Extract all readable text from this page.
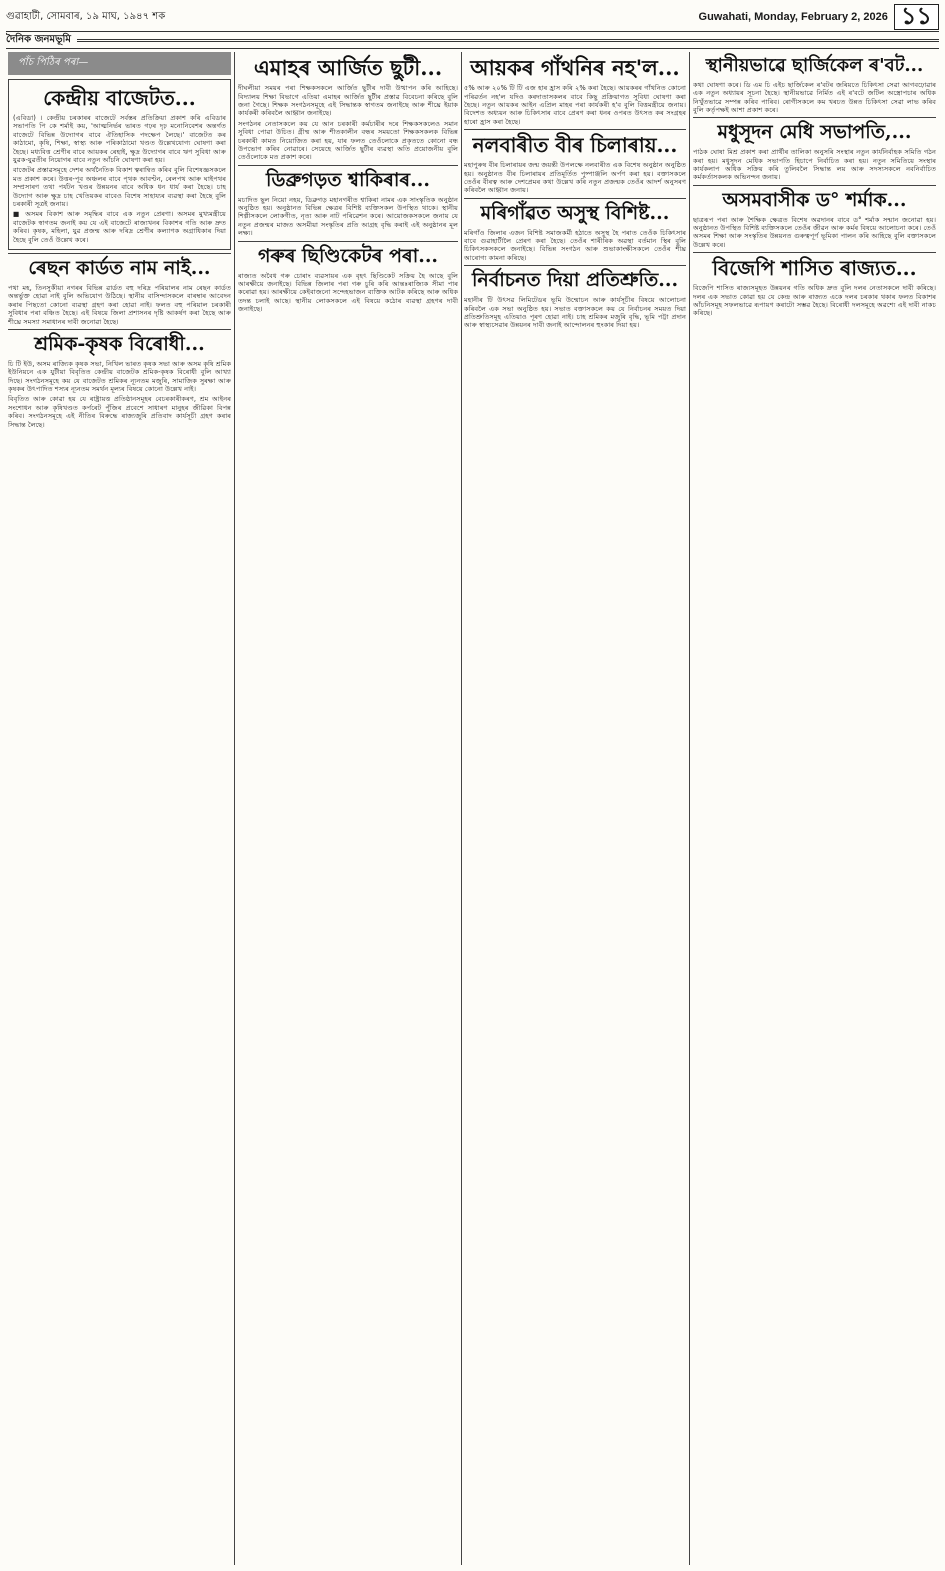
গুৱাহাটী, সোমবাৰ, ১৯ মাঘ, ১৯৪৭ শক	Guwahati, Monday, February 2, 2026 ১১
দৈনিক জনমভূমি
পাঁচ পিঠিৰ পৰা—
কেন্দ্ৰীয় বাজেটত...

(এবিডা) । কেন্দ্ৰীয় চৰকাৰৰ বাজেটে সৰ্বস্তৰ প্ৰতিক্ৰিয়া প্ৰকাশ কৰি এবিডাৰ সভাপতি পি কে শৰ্মাই কয়, 'আত্মনিৰ্ভৰ ভাৰত গঢ়ৰ দৃঢ় মনোনিবেশৰ অন্তৰ্গত বাজেটে বিভিন্ন উদ্যোগৰ বাবে ঐতিহাসিক পদক্ষেপ লৈছে।' বাজেটত কৰ কাঠামো, কৃষি, শিক্ষা, স্বাস্থ্য আৰু পৰিকাঠামো খণ্ডত উল্লেখযোগ্য ঘোষণা কৰা হৈছে। মধ্যবিত্ত শ্ৰেণীৰ বাবে আয়কৰ ৰেহাই, ক্ষুদ্ৰ উদ্যোগৰ বাবে ঋণ সুবিধা আৰু যুৱক-যুৱতীৰ নিয়োগৰ বাবে নতুন আঁচনি ঘোষণা কৰা হয়।

বাজেটৰ প্ৰস্তাৱসমূহে দেশৰ অৰ্থনৈতিক বিকাশ ত্বৰান্বিত কৰিব বুলি বিশেষজ্ঞসকলে মত প্ৰকাশ কৰে। উত্তৰ-পূব অঞ্চলৰ বাবে পৃথক আবণ্টন, ৰেলপথ আৰু ঘাইপথৰ সম্প্ৰসাৰণ তথা পৰ্যটন খণ্ডৰ উন্নয়নৰ বাবে অধিক ধন ধাৰ্য কৰা হৈছে। চাহ উদ্যোগ আৰু ক্ষুদ্ৰ চাহ খেতিয়কৰ বাবেও বিশেষ সাহায্যৰ ব্যৱস্থা কৰা হৈছে বুলি চৰকাৰী সূত্ৰই জনায়।

■ অসমৰ বিকাশ আৰু সমৃদ্ধিৰ বাবে এক নতুন প্ৰেৰণা। অসমৰ মুখ্যমন্ত্ৰীয়ে বাজেটক স্বাগতম জনাই কয় যে এই বাজেটে ৰাজ্যখনৰ বিকাশৰ গতি আৰু দ্ৰুত কৰিব। কৃষক, মহিলা, যুৱ প্ৰজন্ম আৰু দৰিদ্ৰ শ্ৰেণীৰ কল্যাণক অগ্ৰাধিকাৰ দিয়া হৈছে বুলি তেওঁ উল্লেখ কৰে।

ৰেছন কাৰ্ডত নাম নাই...

পথা মহ, তিনসুকীয়া নগৰৰ বিভিন্ন ৱাৰ্ডত বহু দৰিদ্ৰ পৰিয়ালৰ নাম ৰেছন কাৰ্ডত অন্তৰ্ভুক্ত হোৱা নাই বুলি অভিযোগ উঠিছে। স্থানীয় বাসিন্দাসকলে বাৰম্বাৰ আবেদন কৰাৰ পিছতো কোনো ব্যৱস্থা গ্ৰহণ কৰা হোৱা নাই। ফলত বহু পৰিয়াল চৰকাৰী সুবিধাৰ পৰা বঞ্চিত হৈছে। এই বিষয়ে জিলা প্ৰশাসনৰ দৃষ্টি আকৰ্ষণ কৰা হৈছে আৰু শীঘ্ৰে সমস্যা সমাধানৰ দাবী জনোৱা হৈছে।

শ্ৰমিক-কৃষক বিৰোধী...

চি টি ইউ, অসম ৰাজ্যিক কৃষক সভা, নিখিল ভাৰত কৃষক সভা আৰু অসম কৃষি শ্ৰমিক ইউনিয়নে এক যুটীয়া বিবৃতিত কেন্দ্ৰীয় বাজেটক শ্ৰমিক-কৃষক বিৰোধী বুলি আখ্যা দিছে। সংগঠনসমূহে কয় যে বাজেটত শ্ৰমিকৰ ন্যূনতম মজুৰি, সামাজিক সুৰক্ষা আৰু কৃষকৰ উৎপাদিত শস্যৰ ন্যূনতম সমৰ্থন মূল্যৰ বিষয়ে কোনো উল্লেখ নাই।

বিবৃতিত আৰু কোৱা হয় যে ৰাষ্ট্ৰায়ত্ত প্ৰতিষ্ঠানসমূহৰ বেচৰকাৰীকৰণ, শ্ৰম আইনৰ সংশোধন আৰু কৃষিখণ্ডত কৰ্পৰেট পুঁজিৰ প্ৰবেশে সাধাৰণ মানুহৰ জীৱিকা বিপন্ন কৰিব। সংগঠনসমূহে এই নীতিৰ বিৰুদ্ধে ৰাজ্যজুৰি প্ৰতিবাদ কাৰ্যসূচী গ্ৰহণ কৰাৰ সিদ্ধান্ত লৈছে।

এমাহৰ আৰ্জিত ছুটী...

দীঘলীয়া সময়ৰ পৰা শিক্ষকসকলে আৰ্জিত ছুটীৰ দাবী উত্থাপন কৰি আহিছে। বিদ্যালয় শিক্ষা বিভাগে এতিয়া এমাহৰ আৰ্জিত ছুটীৰ প্ৰস্তাৱ বিবেচনা কৰিছে বুলি জনা গৈছে। শিক্ষক সংগঠনসমূহে এই সিদ্ধান্তক স্বাগতম জনাইছে আৰু শীঘ্ৰে ইয়াক কাৰ্যকৰী কৰিবলৈ আহ্বান জনাইছে।

সংগঠনৰ নেতাসকলে কয় যে আন চৰকাৰী কৰ্মচাৰীৰ দৰে শিক্ষকসকলেও সমান সুবিধা পোৱা উচিত। গ্ৰীষ্ম আৰু শীতকালীন বন্ধৰ সময়তো শিক্ষকসকলক বিভিন্ন চৰকাৰী কামত নিয়োজিত কৰা হয়, যাৰ ফলত তেওঁলোকে প্ৰকৃততে কোনো বন্ধ উপভোগ কৰিব নোৱাৰে। সেয়েহে আৰ্জিত ছুটীৰ ব্যৱস্থা অতি প্ৰয়োজনীয় বুলি তেওঁলোকে মত প্ৰকাশ কৰে।

ডিব্ৰুগড়ত শ্বাকিৰাৰ...

মচাদিত ছুল নিয়ো নহয়, ডিব্ৰুগড় মহানগৰীত শ্বাকিৰা নামৰ এক সাংস্কৃতিক অনুষ্ঠান অনুষ্ঠিত হয়। অনুষ্ঠানত বিভিন্ন ক্ষেত্ৰৰ বিশিষ্ট ব্যক্তিসকল উপস্থিত থাকে। স্থানীয় শিল্পীসকলে লোকগীত, নৃত্য আৰু নাট পৰিৱেশন কৰে। আয়োজকসকলে জনায় যে নতুন প্ৰজন্মৰ মাজত অসমীয়া সংস্কৃতিৰ প্ৰতি আগ্ৰহ বৃদ্ধি কৰাই এই অনুষ্ঠানৰ মূল লক্ষ্য।

গৰুৰ ছিণ্ডিকেটৰ পৰা...

ৰাজ্যত অবৈধ গৰু চোৰাং ব্যৱসায়ৰ এক বৃহৎ ছিণ্ডিকেট সক্ৰিয় হৈ আছে বুলি আৰক্ষীয়ে জনাইছে। বিভিন্ন জিলাৰ পৰা গৰু চুৰি কৰি আন্তঃৰাজ্যিক সীমা পাৰ কৰোৱা হয়। আৰক্ষীয়ে কেইবাজনো সন্দেহভাজন ব্যক্তিক আটক কৰিছে আৰু অধিক তদন্ত চলাই আছে। স্থানীয় লোকসকলে এই বিষয়ে কঠোৰ ব্যৱস্থা গ্ৰহণৰ দাবী জনাইছে।

আয়কৰ গাঁথনিৰ নহ'ল...

৫% আৰু ২০% টি টি এজ হাৰ হ্ৰাস কৰি ২% কৰা হৈছে। আয়কৰৰ গাঁথনিত কোনো পৰিৱৰ্তন নহ'ল যদিও কৰদাতাসকলৰ বাবে কিছু প্ৰক্ৰিয়াগত সুবিধা ঘোষণা কৰা হৈছে। নতুন আয়কৰ আইন এপ্ৰিল মাহৰ পৰা কাৰ্যকৰী হ'ব বুলি বিত্তমন্ত্ৰীয়ে জনায়। বিদেশত অধ্যয়ন আৰু চিকিৎসাৰ বাবে প্ৰেৰণ কৰা ধনৰ ওপৰত উৎসত কৰ সংগ্ৰহৰ হাৰো হ্ৰাস কৰা হৈছে।

নলবাৰীত বীৰ চিলাৰায়...

মহাপুৰুষ বীৰ চিলাৰায়ৰ জন্ম জয়ন্তী উপলক্ষে নলবাৰীত এক বিশেষ অনুষ্ঠান অনুষ্ঠিত হয়। অনুষ্ঠানত বীৰ চিলাৰায়ৰ প্ৰতিমূৰ্তিত পুষ্পাঞ্জলি অৰ্পণ কৰা হয়। বক্তাসকলে তেওঁৰ বীৰত্ব আৰু দেশপ্ৰেমৰ কথা উল্লেখ কৰি নতুন প্ৰজন্মক তেওঁৰ আদৰ্শ অনুসৰণ কৰিবলৈ আহ্বান জনায়।

মৰিগাঁৱত অসুস্থ বিশিষ্ট...

মৰিগাঁও জিলাৰ এজন বিশিষ্ট সমাজকৰ্মী হঠাতে অসুস্থ হৈ পৰাত তেওঁক চিকিৎসাৰ বাবে গুৱাহাটীলৈ প্ৰেৰণ কৰা হৈছে। তেওঁৰ শাৰীৰিক অৱস্থা বৰ্তমান স্থিৰ বুলি চিকিৎসকসকলে জনাইছে। বিভিন্ন সংগঠন আৰু শুভাকাংক্ষীসকলে তেওঁৰ শীঘ্ৰ আৰোগ্য কামনা কৰিছে।

নিৰ্বাচনত দিয়া প্ৰতিশ্ৰুতি...

মহানীৰ টি উৎসৱ লিমিটেডৰ ভূমি উন্মোচন আৰু কাৰ্যসূচীৰ বিষয়ে আলোচনা কৰিবলৈ এক সভা অনুষ্ঠিত হয়। সভাত বক্তাসকলে কয় যে নিৰ্বাচনৰ সময়ত দিয়া প্ৰতিশ্ৰুতিসমূহ এতিয়াও পূৰণ হোৱা নাই। চাহ শ্ৰমিকৰ মজুৰি বৃদ্ধি, ভূমি পট্টা প্ৰদান আৰু স্বাস্থ্যসেৱাৰ উন্নয়নৰ দাবী জনাই আন্দোলনৰ হুংকাৰ দিয়া হয়।

স্থানীয়ভাৱে ছাৰ্জিকেল ৰ'বট...

কথা ঘোষণা কৰে। ডি এম চি এইচ ছাৰ্জিকেল ৰ'বটৰ জৰিয়তে চিকিৎসা সেৱা আগবঢ়োৱাৰ এক নতুন অধ্যায়ৰ সূচনা হৈছে। স্থানীয়ভাৱে নিৰ্মিত এই ৰ'বটে জটিল অস্ত্ৰোপচাৰ অধিক নিখুঁতভাৱে সম্পন্ন কৰিব পাৰিব। ৰোগীসকলে কম খৰচত উন্নত চিকিৎসা সেৱা লাভ কৰিব বুলি কৰ্তৃপক্ষই আশা প্ৰকাশ কৰে।

মধুসূদন মেধি সভাপতি,...

পাঠক ঘোষা মিশ্ৰ প্ৰকাশ কৰা প্ৰাৰ্থীৰ তালিকা অনুসৰি সংস্থাৰ নতুন কাৰ্যনিৰ্বাহক সমিতি গঠন কৰা হয়। মধুসূদন মেধিক সভাপতি হিচাপে নিৰ্বাচিত কৰা হয়। নতুন সমিতিয়ে সংস্থাৰ কাৰ্যকলাপ অধিক সক্ৰিয় কৰি তুলিবলৈ সিদ্ধান্ত লয় আৰু সদস্যসকলে নবনিৰ্বাচিত কৰ্মকৰ্তাসকলক অভিনন্দন জনায়।

অসমবাসীক ড° শৰ্মাক...

ছাত্ৰৰূপ পৰা আৰু শৈক্ষিক ক্ষেত্ৰত বিশেষ অৱদানৰ বাবে ড° শৰ্মাক সন্মান জনোৱা হয়। অনুষ্ঠানত উপস্থিত বিশিষ্ট ব্যক্তিসকলে তেওঁৰ জীৱন আৰু কৰ্মৰ বিষয়ে আলোচনা কৰে। তেওঁ অসমৰ শিক্ষা আৰু সংস্কৃতিৰ উন্নয়নত গুৰুত্বপূৰ্ণ ভূমিকা পালন কৰি আহিছে বুলি বক্তাসকলে উল্লেখ কৰে।

বিজেপি শাসিত ৰাজ্যত...

বিজেপি শাসিত ৰাজ্যসমূহত উন্নয়নৰ গতি অধিক দ্ৰুত বুলি দলৰ নেতাসকলে দাবী কৰিছে। দলৰ এক সভাত কোৱা হয় যে কেন্দ্ৰ আৰু ৰাজ্যত একে দলৰ চৰকাৰ থকাৰ ফলত বিকাশৰ আঁচনিসমূহ সফলভাৱে ৰূপায়ণ কৰাটো সম্ভৱ হৈছে। বিৰোধী দলসমূহে অৱশ্যে এই দাবী নাকচ কৰিছে।
